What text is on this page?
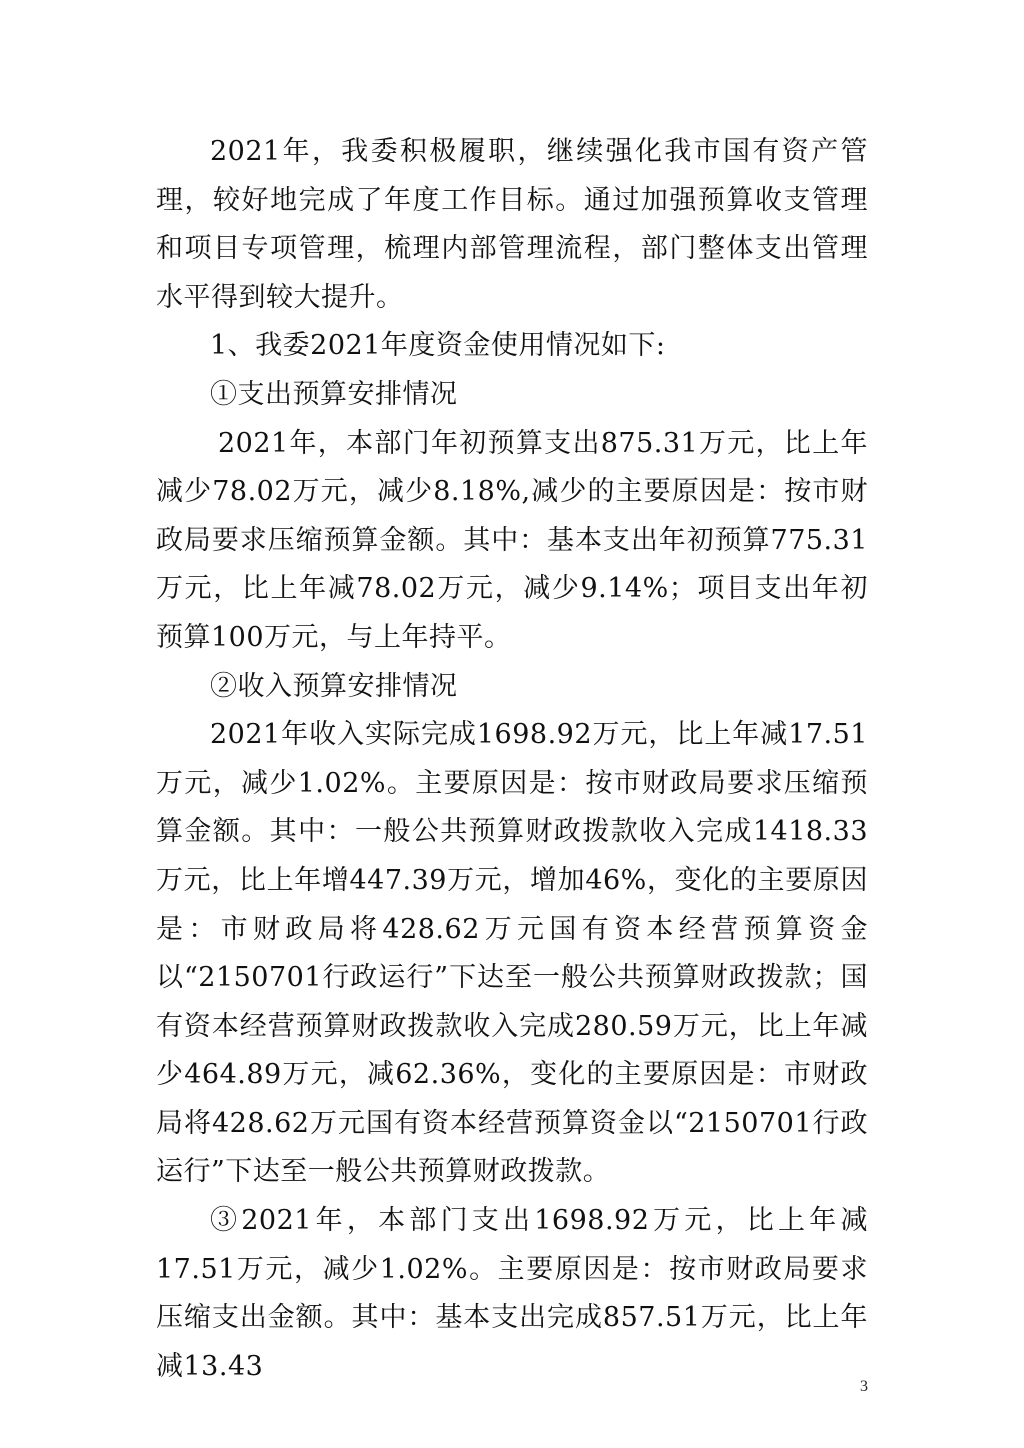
2021年，我委积极履职，继续强化我市国有资产管理，较好地完成了年度工作目标。通过加强预算收支管理和项目专项管理，梳理内部管理流程，部门整体支出管理水平得到较大提升。

1、我委2021年度资金使用情况如下:

①支出预算安排情况

2021年，本部门年初预算支出875.31万元，比上年减少78.02万元，减少8.18%,减少的主要原因是：按市财政局要求压缩预算金额。其中：基本支出年初预算775.31万元，比上年减78.02万元，减少9.14%；项目支出年初预算100万元，与上年持平。

②收入预算安排情况

2021年收入实际完成1698.92万元，比上年减17.51万元，减少1.02%。主要原因是：按市财政局要求压缩预算金额。其中：一般公共预算财政拨款收入完成1418.33万元，比上年增447.39万元，增加46%，变化的主要原因是：市财政局将428.62万元国有资本经营预算资金以“2150701行政运行”下达至一般公共预算财政拨款；国有资本经营预算财政拨款收入完成280.59万元，比上年减少464.89万元，减62.36%，变化的主要原因是：市财政局将428.62万元国有资本经营预算资金以“2150701行政运行”下达至一般公共预算财政拨款。

③2021年，本部门支出1698.92万元，比上年减17.51万元，减少1.02%。主要原因是：按市财政局要求压缩支出金额。其中：基本支出完成857.51万元，比上年减13.43

3
